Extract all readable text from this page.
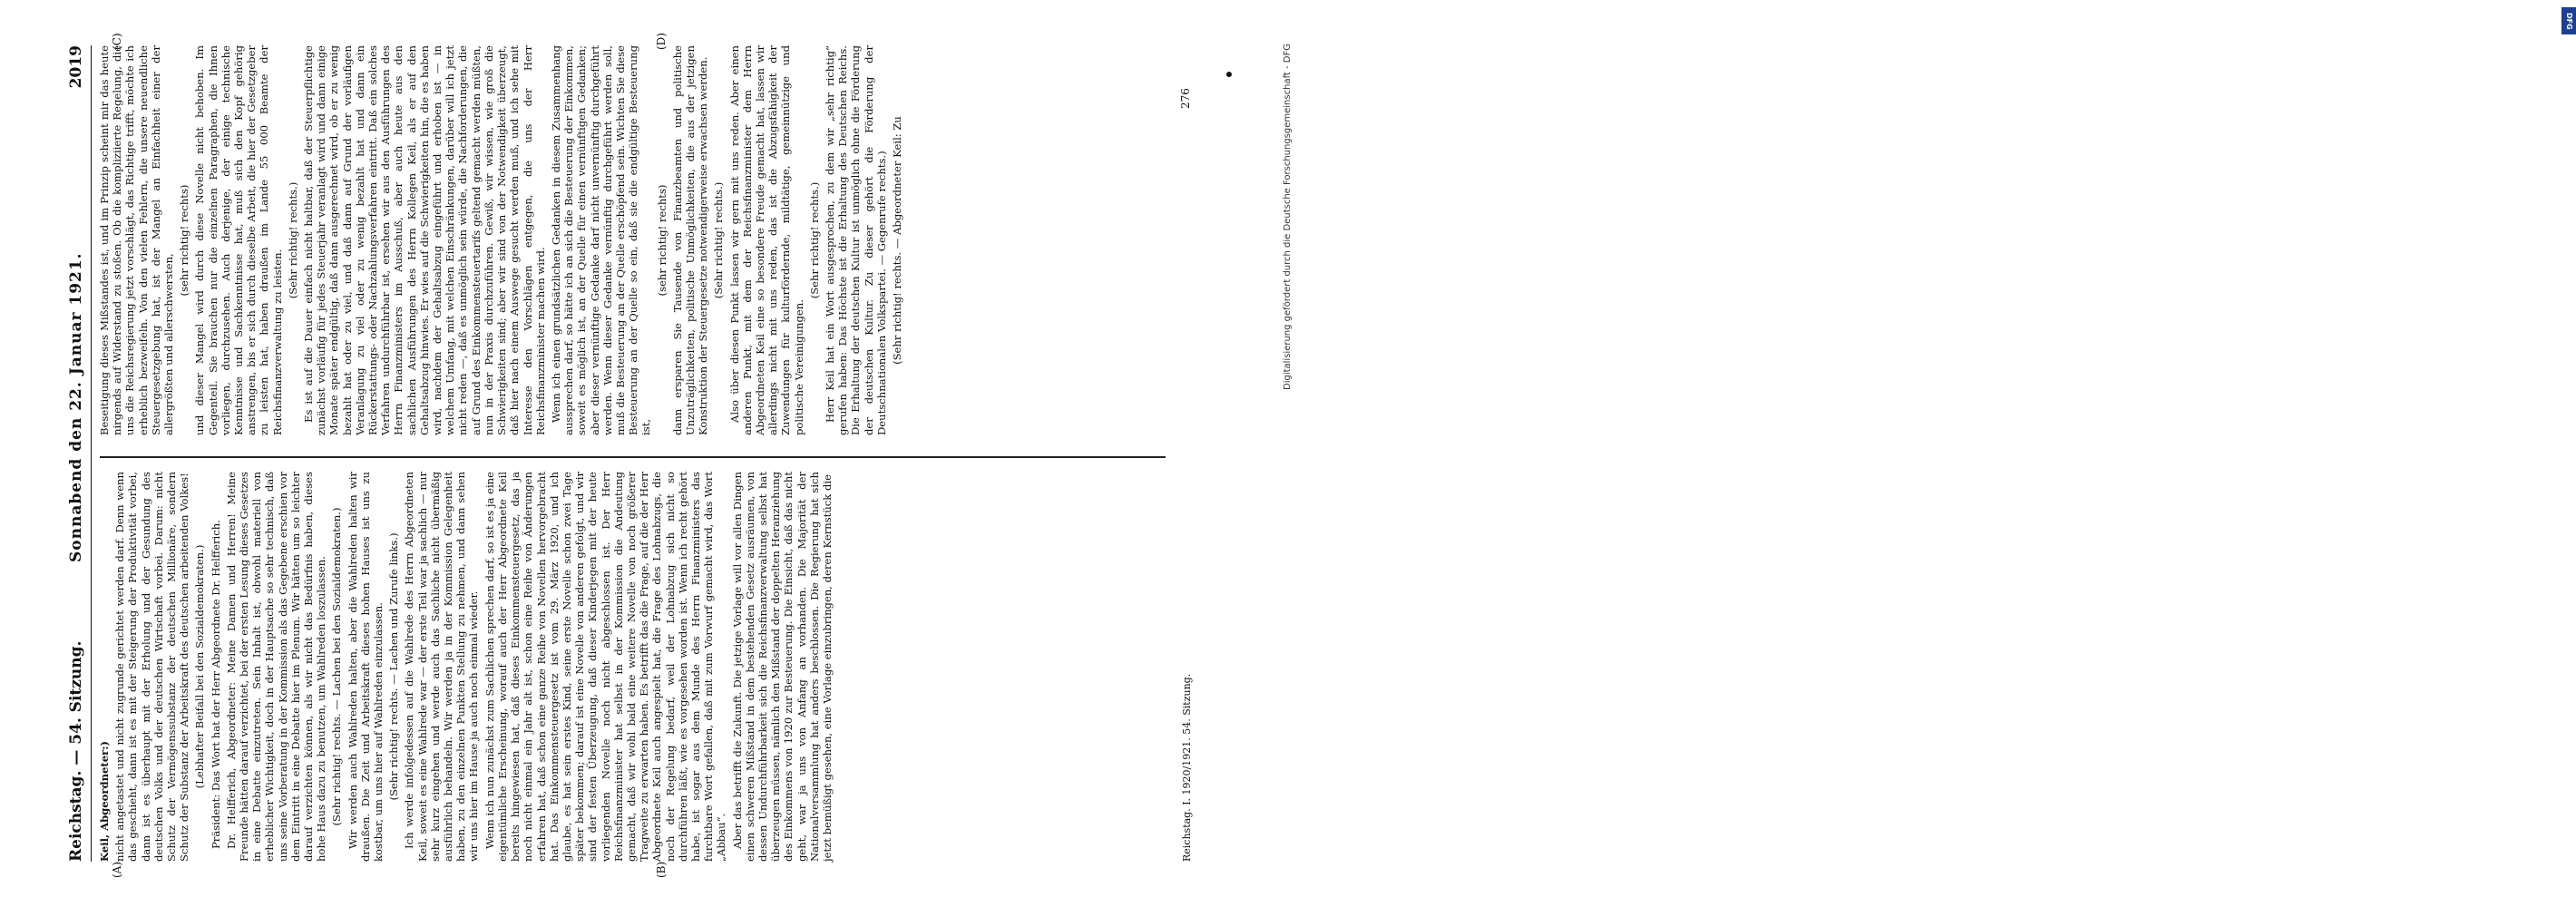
Reichstag. — 54. Sitzung.
Sonnabend den 22. Januar 1921.
2019
(A)	(B)
(C)	(D)

Keil, Abgeordneter:) nicht angetastet und nicht zugrunde gerichtet werden darf. Denn wenn das geschieht, dann ist es mit der Steigerung der Produktivität vorbei, dann ist es überhaupt mit der Erholung und der Gesundung des deutschen Volks und der deutschen Wirtschaft vorbei. Darum: nicht Schutz der Vermögenssubstanz der deutschen Millionäre, sondern Schutz der Substanz der Arbeitskraft des deutschen arbeitenden Volkes! (Lebhafter Beifall bei den Sozialdemokraten.) Präsident: Das Wort hat der Herr Abgeordnete Dr. Helfferich. Dr. Helfferich, Abgeordneter: Meine Damen und Herren! Meine Freunde hätten darauf verzichtet, bei der ersten Lesung dieses Gesetzes in eine Debatte einzutreten. Sein Inhalt ist, obwohl materiell von erheblicher Wichtigkeit, doch in der Hauptsache so sehr technisch, daß uns seine Vorberatung in der Kommission als das Gegebene erschien vor dem Eintritt in eine Debatte hier im Plenum. Wir hätten um so leichter darauf verzichten können, als wir nicht das Bedürfnis haben, dieses hohe Haus dazu zu benutzen, um Wahlreden loszulassen. (Sehr richtig! rechts. — Lachen bei den Sozialdemokraten.) Wir werden auch Wahlreden halten, aber die Wahlreden halten wir draußen. Die Zeit und Arbeitskraft dieses hohen Hauses ist uns zu kostbar, um uns hier auf Wahlreden einzulassen. (Sehr richtig! rechts. — Lachen und Zurufe links.) Ich werde infolgedessen auf die Wahlrede des Herrn Abgeordneten Keil, soweit es eine Wahlrede war — der erste Teil war ja sachlich — nur sehr kurz eingehen und werde auch das Sachliche nicht übermäßig ausführlich behandeln. Wir werden ja in der Kommission Gelegenheit haben, zu den einzelnen Punkten Stellung zu nehmen, und dann sehen wir uns hier im Hause ja auch noch einmal wieder. Wenn ich nun zunächst zum Sachlichen sprechen darf, so ist es ja eine eigentümliche Erscheinung, worauf auch der Herr Abgeordnete Keil bereits hingewiesen hat, daß dieses Einkommensteuergesetz, das ja noch nicht einmal ein Jahr alt ist, schon eine Reihe von Änderungen erfahren hat, daß schon eine ganze Reihe von Novellen hervorgebracht hat. Das Einkommensteuergesetz ist vom 29. März 1920, und ich glaube, es hat sein erstes Kind, seine erste Novelle schon zwei Tage später bekommen; darauf ist eine Novelle von anderen gefolgt, und wir sind der festen Überzeugung, daß dieser Kinderjegen mit der heute vorliegenden Novelle noch nicht abgeschlossen ist. Der Herr Reichsfinanzminister hat selbst in der Kommission die Andeutung gemacht, daß wir wohl bald eine weitere Novelle von noch größerer Tragweite zu erwarten haben. Es betrifft das die Frage, auf die der Herr Abgeordnete Keil auch angespielt hat, die Frage des Lohnabzugs, die noch der Regelung bedarf, weil der Lohnabzug sich nicht so durchführen läßt, wie es vorgesehen worden ist. Wenn ich recht gehört habe, ist sogar aus dem Munde des Herrn Finanzministers das furchtbare Wort gefallen, daß mit zum Vorwurf gemacht wird, das Wort „Abbau“. Aber das betrifft die Zukunft. Die jetzige Vorlage will vor allen Dingen einen schweren Mißstand in dem bestehenden Gesetz ausräumen, von dessen Undurchführbarkeit sich die Reichsfinanzverwaltung selbst hat überzeugen müssen, nämlich den Mißstand der doppelten Heranziehung des Einkommens von 1920 zur Besteuerung. Die Einsicht, daß das nicht geht, war ja uns von Anfang an vorhanden. Die Majorität der Nationalversammlung hat anders beschlossen. Die Regierung hat sich jetzt bemüßigt gesehen, eine Vorlage einzubringen, deren Kernstück die

Beseitigung dieses Mißstandes ist, und im Prinzip scheint mir das heute nirgends auf Widerstand zu stoßen. Ob die kompliziierte Regelung, die uns die Reichsregierung jetzt vorschlägt, das Richtige trifft, möchte ich erheblich bezweifeln. Von den vielen Fehlern, die unsere neuendliche Steuergesetzgebung hat, ist der Mangel an Einfachheit einer der allergrößten und allerschwersten,

(sehr richtig! rechts) und dieser Mangel wird durch diese Novelle nicht behoben. Im Gegenteil. Sie brauchen nur die einzelnen Paragraphen, die Ihnen vorliegen, durchzusehen. Auch derjenige, der einige technische Kenntnisse und Sachkenntnisse hat, muß sich den Kopf gehörig anstrengen, bis er sich durch dieselbe Arbeit, die hier der Gesetzgeber zu leisten hat, haben draußen im Lande 55 000 Beamte der Reichsfinanzverwaltung zu leisten.

(Sehr richtig! rechts.) Es ist auf die Dauer einfach nicht haltbar, daß der Steuerpflichtige zunächst vorläufig für jedes Steuerjahr veranlagt wird und dann einige Monate später endgültig, daß dann ausgerechnet wird, ob er zu wenig bezahlt hat oder zu viel, und daß dann auf Grund der vorläufigen Veranlagung zu viel oder zu wenig bezahlt hat und dann ein Rückerstattungs- oder Nachzahlungsverfahren eintritt. Daß ein solches Verfahren undurchführbar ist, ersehen wir aus den Ausführungen des Herrn Finanzministers im Ausschuß, aber auch heute aus den sachlichen Ausführungen des Herrn Kollegen Keil, als er auf den Gehaltsabzug hinwies. Er wies auf die Schwierigkeiten hin, die es haben wird, nachdem der Gehaltsabzug eingeführt und erhoben ist — in welchem Umfang, mit welchen Einschränkungen, darüber will ich jetzt nicht reden —, daß es unmöglich sein würde, die Nachforderungen, die auf Grund des Einkommensteuertarifs geltend gemacht werden müßten, nun in der Praxis durchzuführen. Gewiß, wir wissen, wie groß die Schwierigkeiten sind; aber wir sind von der Notwendigkeit überzeugt, daß hier nach einem Auswege gesucht werden muß, und ich sehe mit Interesse den Vorschlägen entgegen, die uns der Herr Reichsfinanzminister machen wird. Wenn ich einen grundsätzlichen Gedanken in diesem Zusammenhang aussprechen darf, so hätte ich an sich die Besteuerung der Einkommen, soweit es möglich ist, an der Quelle für einen vernünftigen Gedanken; aber dieser vernünftige Gedanke darf nicht unvernünftig durchgeführt werden. Wenn dieser Gedanke vernünftig durchgeführt werden soll, muß die Besteuerung an der Quelle erschöpfend sein. Wichten Sie diese Besteuerung an der Quelle so ein, daß sie die endgültige Besteuerung ist,

(sehr richtig! rechts) dann ersparen Sie Tausende von Finanzbeamten und politische Unzuträglichkeiten, politische Unmöglichkeiten, die aus der jetzigen Konstruktion der Steuergesetze notwendigerweise erwachsen werden. (Sehr richtig! rechts.) Also über diesen Punkt lassen wir gern mit uns reden. Aber einen anderen Punkt, mit dem der Reichsfinanzminister dem Herrn Abgeordneten Keil eine so besondere Freude gemacht hat, lassen wir allerdings nicht mit uns reden, das ist die Abzugsfähigkeit der Zuwendungen für kulturfördernde, mildtätige, gemeinnützige und politische Vereinigungen.

(Sehr richtig! rechts.) Herr Keil hat ein Wort ausgesprochen, zu dem wir „sehr richtig“ gerufen haben: Das Höchste ist die Erhaltung des Deutschen Reichs. Die Erhaltung der deutschen Kultur ist unmöglich ohne die Förderung der deutschen Kultur. Zu dieser gehört die Förderung der Deutschnationalen Volkspartei. — Gegenrufe rechts.) (Sehr richtig! rechts. — Abgeordneter Keil: Zu

Reichstag. I. 1920/1921. 54. Sitzung.
276
DFG
Digitalisierung gefördert durch die Deutsche Forschungsgemeinschaft - DFG
